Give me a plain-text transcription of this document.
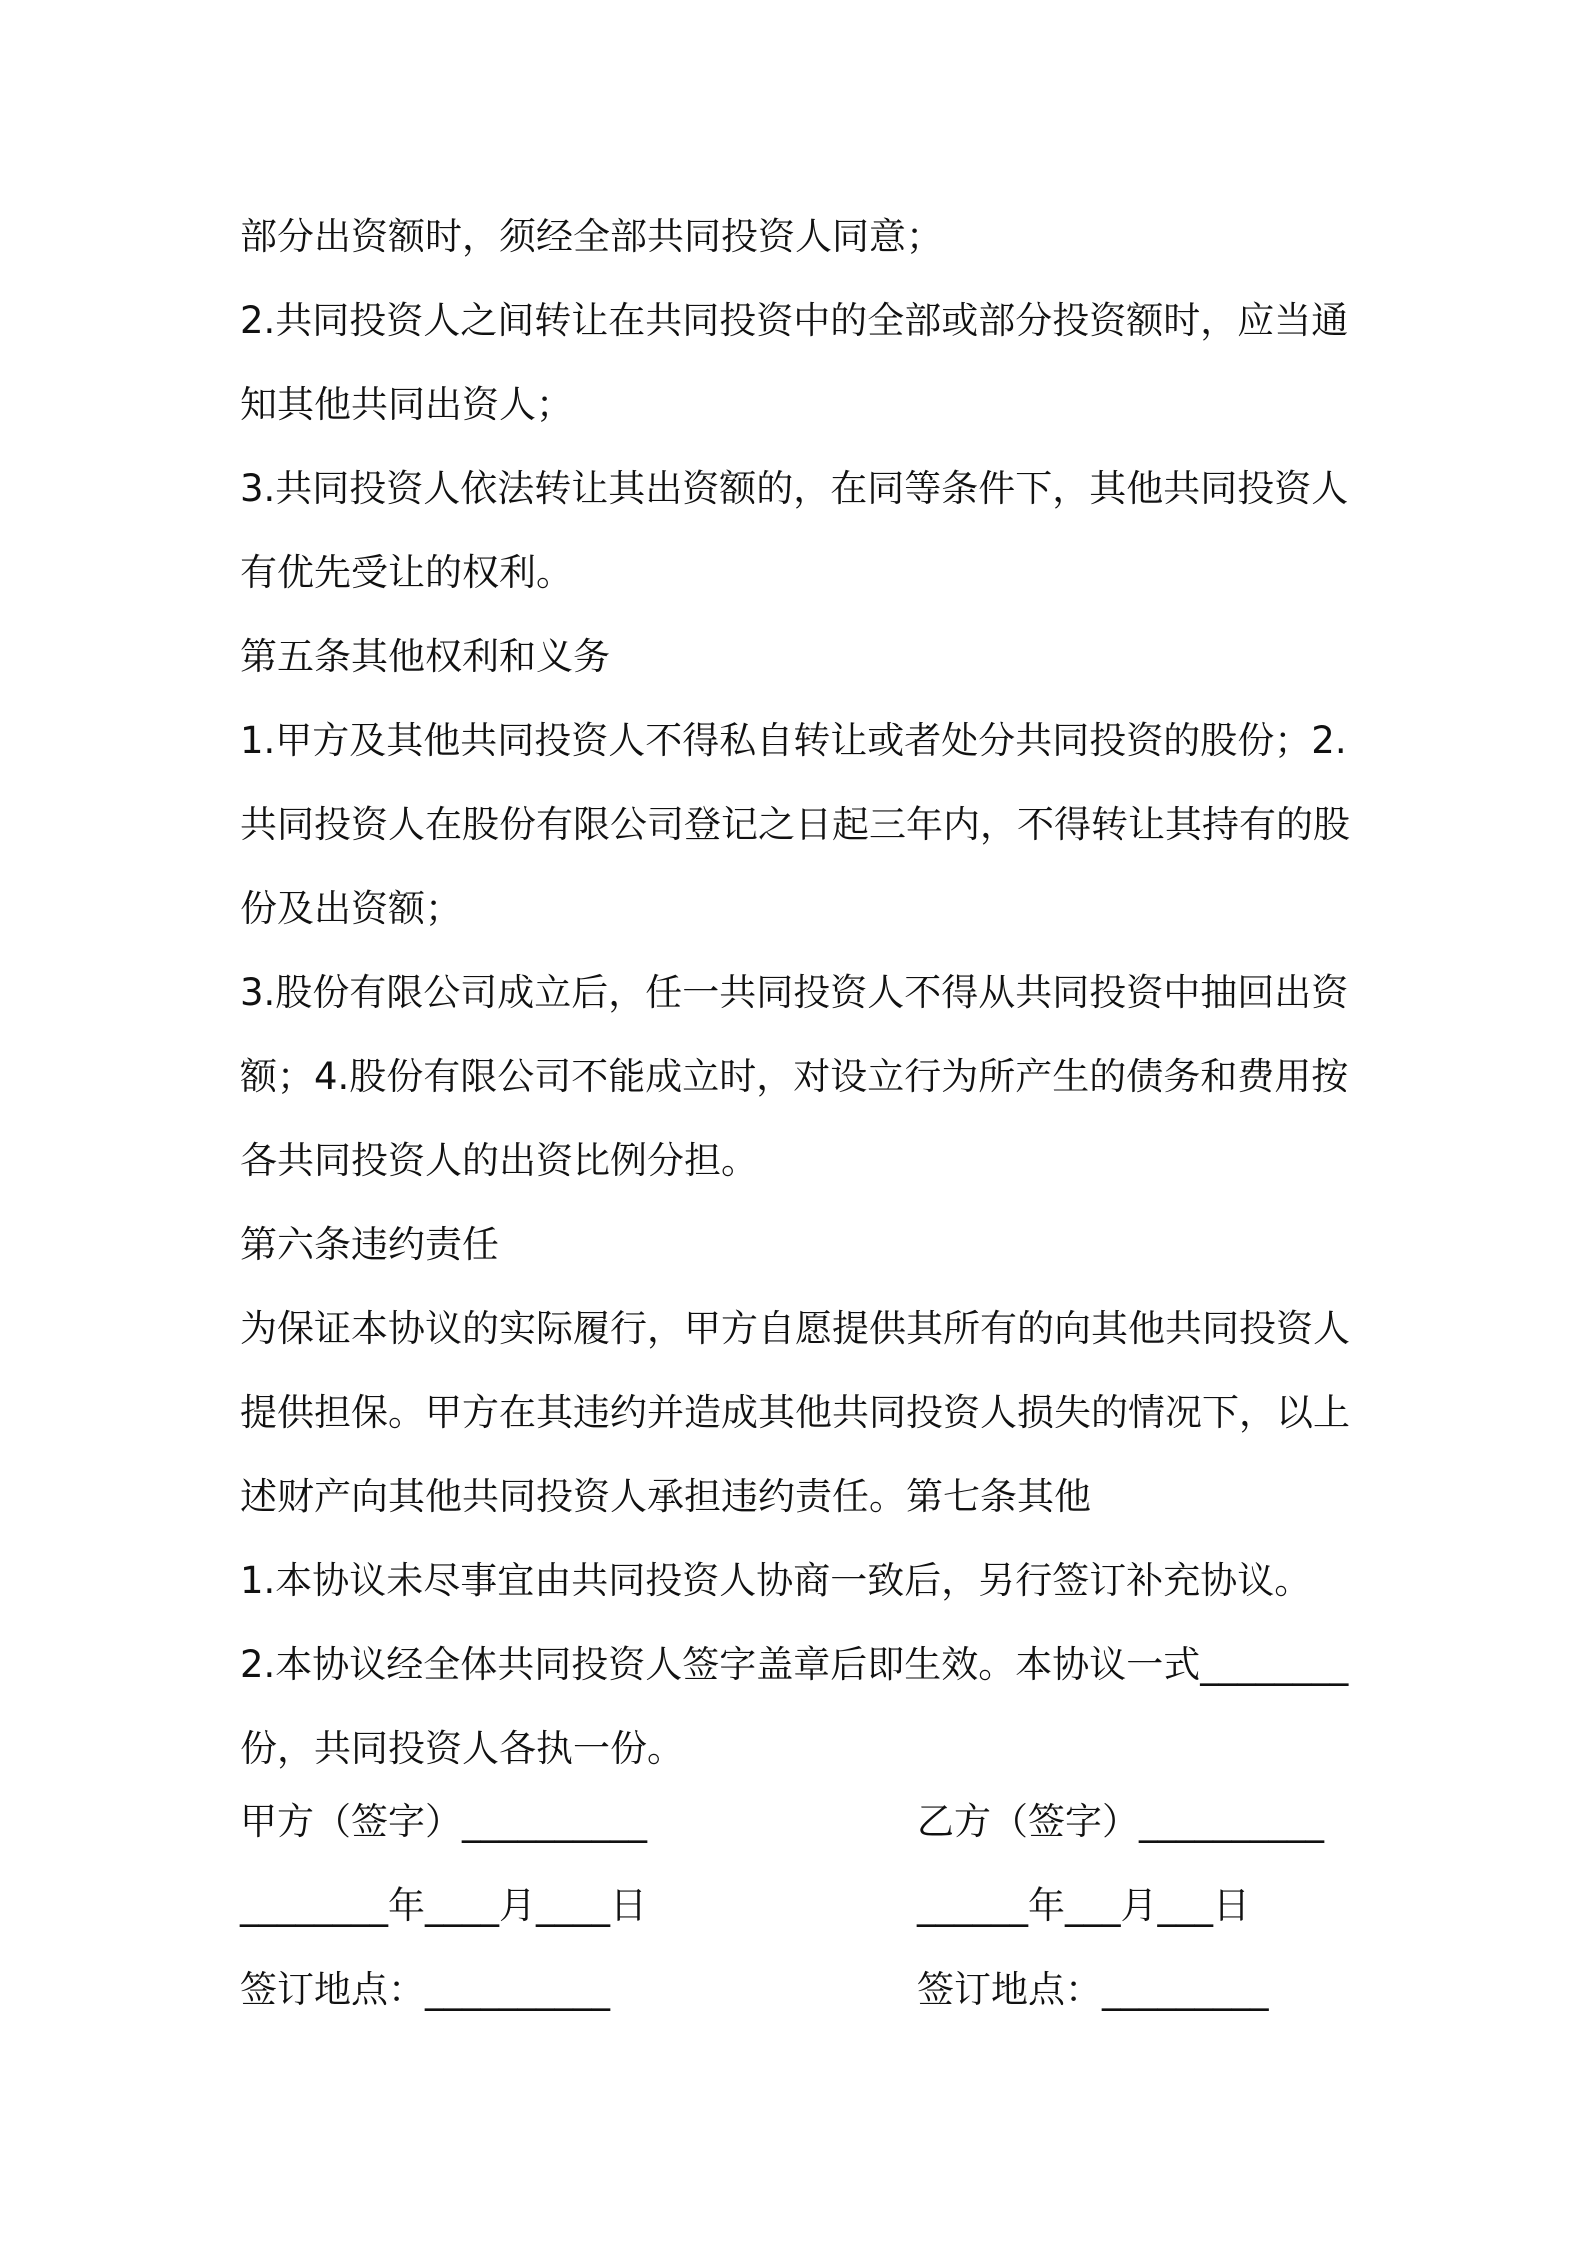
部分出资额时，须经全部共同投资人同意；
2.共同投资人之间转让在共同投资中的全部或部分投资额时，应当通
知其他共同出资人；
3.共同投资人依法转让其出资额的，在同等条件下，其他共同投资人
有优先受让的权利。
第五条其他权利和义务
1.甲方及其他共同投资人不得私自转让或者处分共同投资的股份；2.
共同投资人在股份有限公司登记之日起三年内，不得转让其持有的股
份及出资额；
3.股份有限公司成立后，任一共同投资人不得从共同投资中抽回出资
额；4.股份有限公司不能成立时，对设立行为所产生的债务和费用按
各共同投资人的出资比例分担。
第六条违约责任
为保证本协议的实际履行，甲方自愿提供其所有的向其他共同投资人
提供担保。甲方在其违约并造成其他共同投资人损失的情况下，以上
述财产向其他共同投资人承担违约责任。第七条其他
1.本协议未尽事宜由共同投资人协商一致后，另行签订补充协议。
2.本协议经全体共同投资人签字盖章后即生效。本协议一式________
份，共同投资人各执一份。
甲方（签字）__________	乙方（签字）__________
________年____月____日	______年___月___日
签订地点：__________	签订地点：_________
